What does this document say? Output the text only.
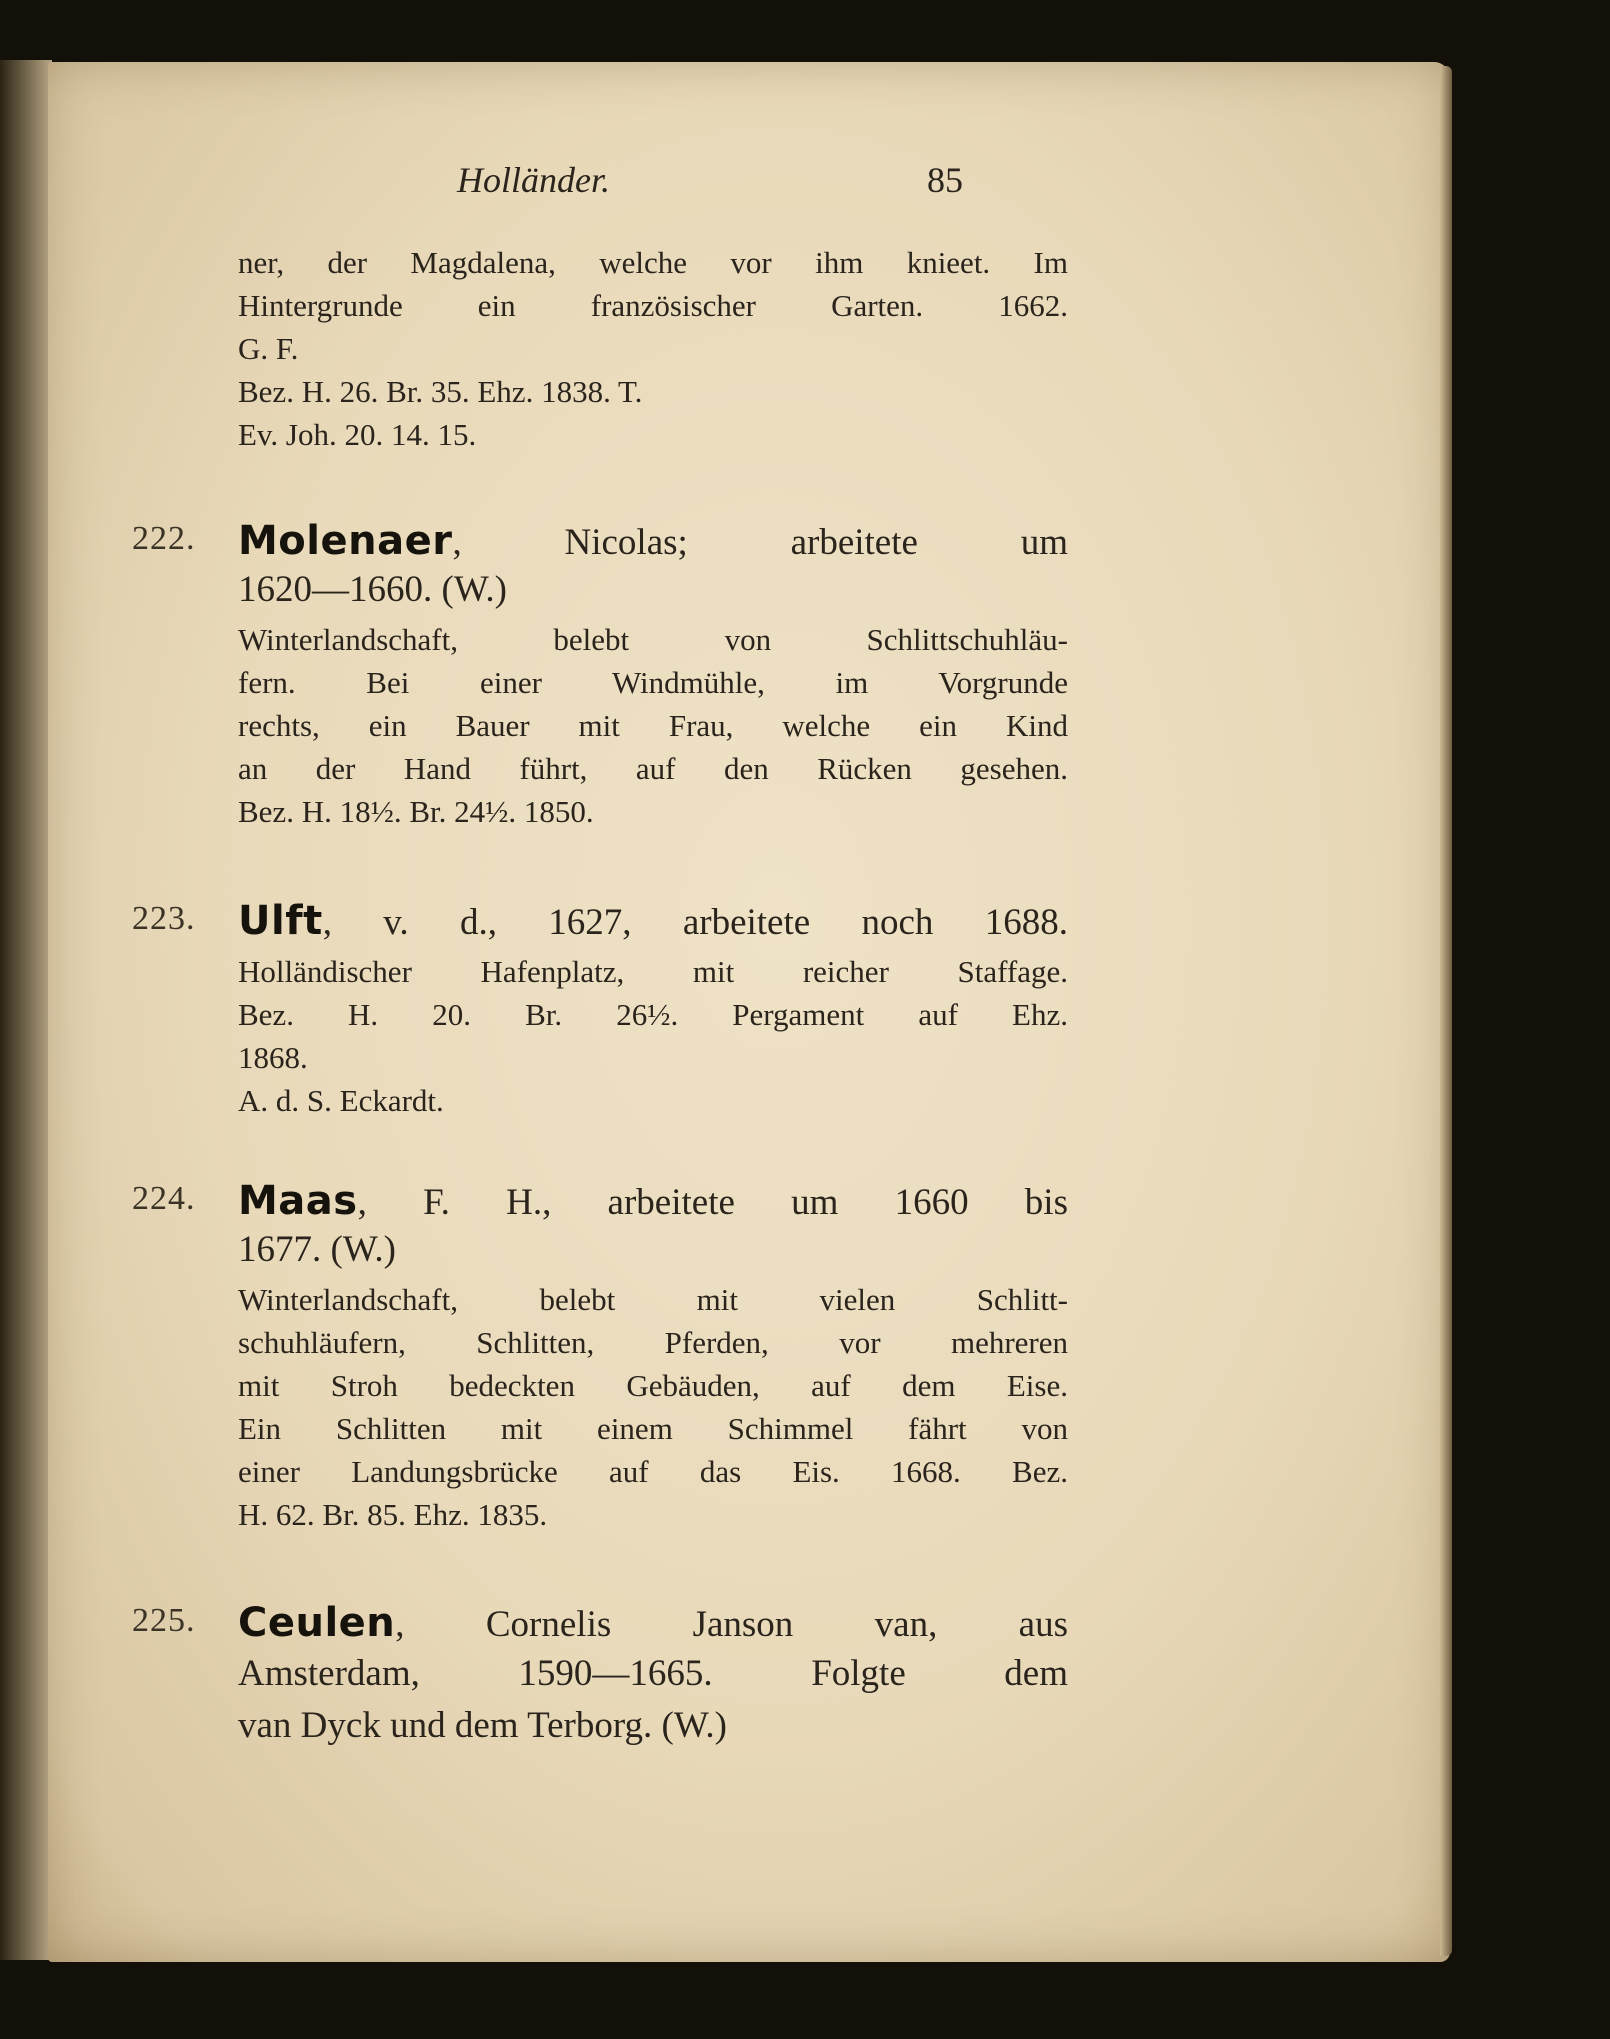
Holländer.	85
ner, der Magdalena, welche vor ihm knieet. Im
Hintergrunde ein französischer Garten. 1662.
G. F.
Bez. H. 26. Br. 35. Ehz. 1838. T.
Ev. Joh. 20. 14. 15.
222.	Molenaer, Nicolas; arbeitete um
1620—1660. (W.)
Winterlandschaft, belebt von Schlittschuhläu-
fern. Bei einer Windmühle, im Vorgrunde
rechts, ein Bauer mit Frau, welche ein Kind
an der Hand führt, auf den Rücken gesehen.
Bez. H. 18½. Br. 24½. 1850.
223.	Ulft, v. d., 1627, arbeitete noch 1688.
Holländischer Hafenplatz, mit reicher Staffage.
Bez. H. 20. Br. 26½. Pergament auf Ehz.
1868.
A. d. S. Eckardt.
224.	Maas, F. H., arbeitete um 1660 bis
1677. (W.)
Winterlandschaft, belebt mit vielen Schlitt-
schuhläufern, Schlitten, Pferden, vor mehreren
mit Stroh bedeckten Gebäuden, auf dem Eise.
Ein Schlitten mit einem Schimmel fährt von
einer Landungsbrücke auf das Eis. 1668. Bez.
H. 62. Br. 85. Ehz. 1835.
225.	Ceulen, Cornelis Janson van, aus
Amsterdam, 1590—1665. Folgte dem
van Dyck und dem Terborg. (W.)
